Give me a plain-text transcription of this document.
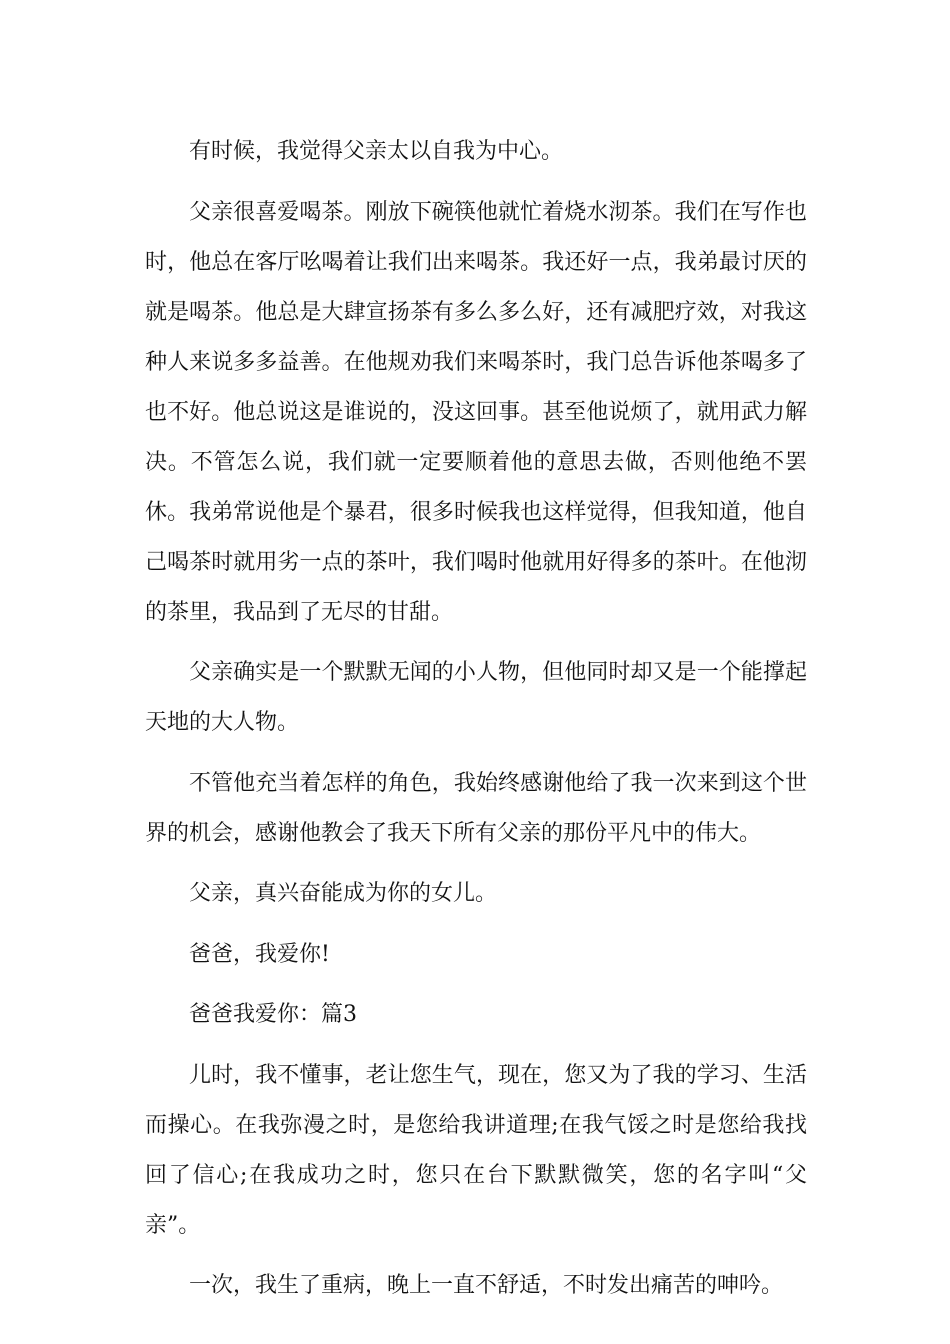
有时候，我觉得父亲太以自我为中心。

父亲很喜爱喝茶。刚放下碗筷他就忙着烧水沏茶。我们在写作也时，他总在客厅吆喝着让我们出来喝茶。我还好一点，我弟最讨厌的就是喝茶。他总是大肆宣扬茶有多么多么好，还有减肥疗效，对我这种人来说多多益善。在他规劝我们来喝茶时，我门总告诉他茶喝多了也不好。他总说这是谁说的，没这回事。甚至他说烦了，就用武力解决。不管怎么说，我们就一定要顺着他的意思去做，否则他绝不罢休。我弟常说他是个暴君，很多时候我也这样觉得，但我知道，他自己喝茶时就用劣一点的茶叶，我们喝时他就用好得多的茶叶。在他沏的茶里，我品到了无尽的甘甜。

父亲确实是一个默默无闻的小人物，但他同时却又是一个能撑起天地的大人物。

不管他充当着怎样的角色，我始终感谢他给了我一次来到这个世界的机会，感谢他教会了我天下所有父亲的那份平凡中的伟大。

父亲，真兴奋能成为你的女儿。

爸爸，我爱你!

爸爸我爱你：篇3

儿时，我不懂事，老让您生气，现在，您又为了我的学习、生活而操心。在我弥漫之时，是您给我讲道理;在我气馁之时是您给我找回了信心;在我成功之时，您只在台下默默微笑，您的名字叫“父亲”。

一次，我生了重病，晚上一直不舒适，不时发出痛苦的呻吟。
